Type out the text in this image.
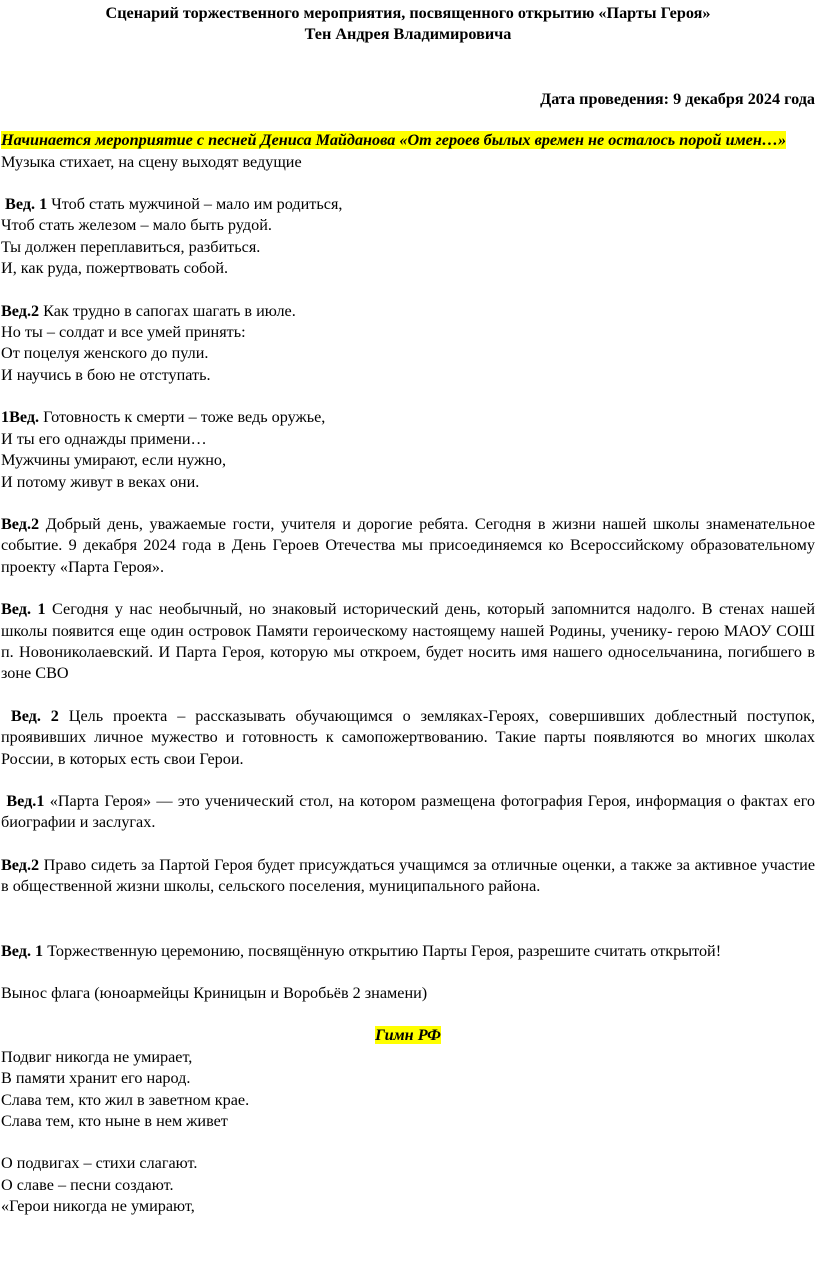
Сценарий торжественного мероприятия, посвященного открытию «Парты Героя»

Тен Андрея Владимировича

Дата проведения: 9 декабря 2024 года

Начинается мероприятие с песней Дениса Майданова «От героев былых времен не осталось порой имен…»

Музыка стихает, на сцену выходят ведущие

Вед. 1 Чтоб стать мужчиной – мало им родиться,

Чтоб стать железом – мало быть рудой.

Ты должен переплавиться, разбиться.

И, как руда, пожертвовать собой.

Вед.2 Как трудно в сапогах шагать в июле.

Но ты – солдат и все умей принять:

От поцелуя женского до пули.

И научись в бою не отступать.

1Вед. Готовность к смерти – тоже ведь оружье,

И ты его однажды примени…

Мужчины умирают, если нужно,

И потому живут в веках они.

Вед.2 Добрый день, уважаемые гости, учителя и дорогие ребята. Сегодня в жизни нашей школы знаменательное событие. 9 декабря 2024 года в День Героев Отечества мы присоединяемся ко Всероссийскому образовательному проекту «Парта Героя».

Вед. 1 Сегодня у нас необычный, но знаковый исторический день, который запомнится надолго. В стенах нашей школы появится еще один островок Памяти героическому настоящему нашей Родины, ученику- герою МАОУ СОШ п. Новониколаевский. И Парта Героя, которую мы откроем, будет носить имя нашего односельчанина, погибшего в зоне СВО

Вед. 2 Цель проекта – рассказывать обучающимся о земляках-Героях, совершивших доблестный поступок, проявивших личное мужество и готовность к самопожертвованию. Такие парты появляются во многих школах России, в которых есть свои Герои.

Вед.1 «Парта Героя» — это ученический стол, на котором размещена фотография Героя, информация о фактах его биографии и заслугах.

Вед.2 Право сидеть за Партой Героя будет присуждаться учащимся за отличные оценки, а также за активное участие в общественной жизни школы, сельского поселения, муниципального района.

Вед. 1 Торжественную церемонию, посвящённую открытию Парты Героя, разрешите считать открытой!

Вынос флага (юноармейцы Криницын и Воробьёв 2 знамени)

Гимн РФ

Подвиг никогда не умирает,

В памяти хранит его народ.

Слава тем, кто жил в заветном крае.

Слава тем, кто ныне в нем живет

О подвигах – стихи слагают.

О славе – песни создают.

«Герои никогда не умирают,
